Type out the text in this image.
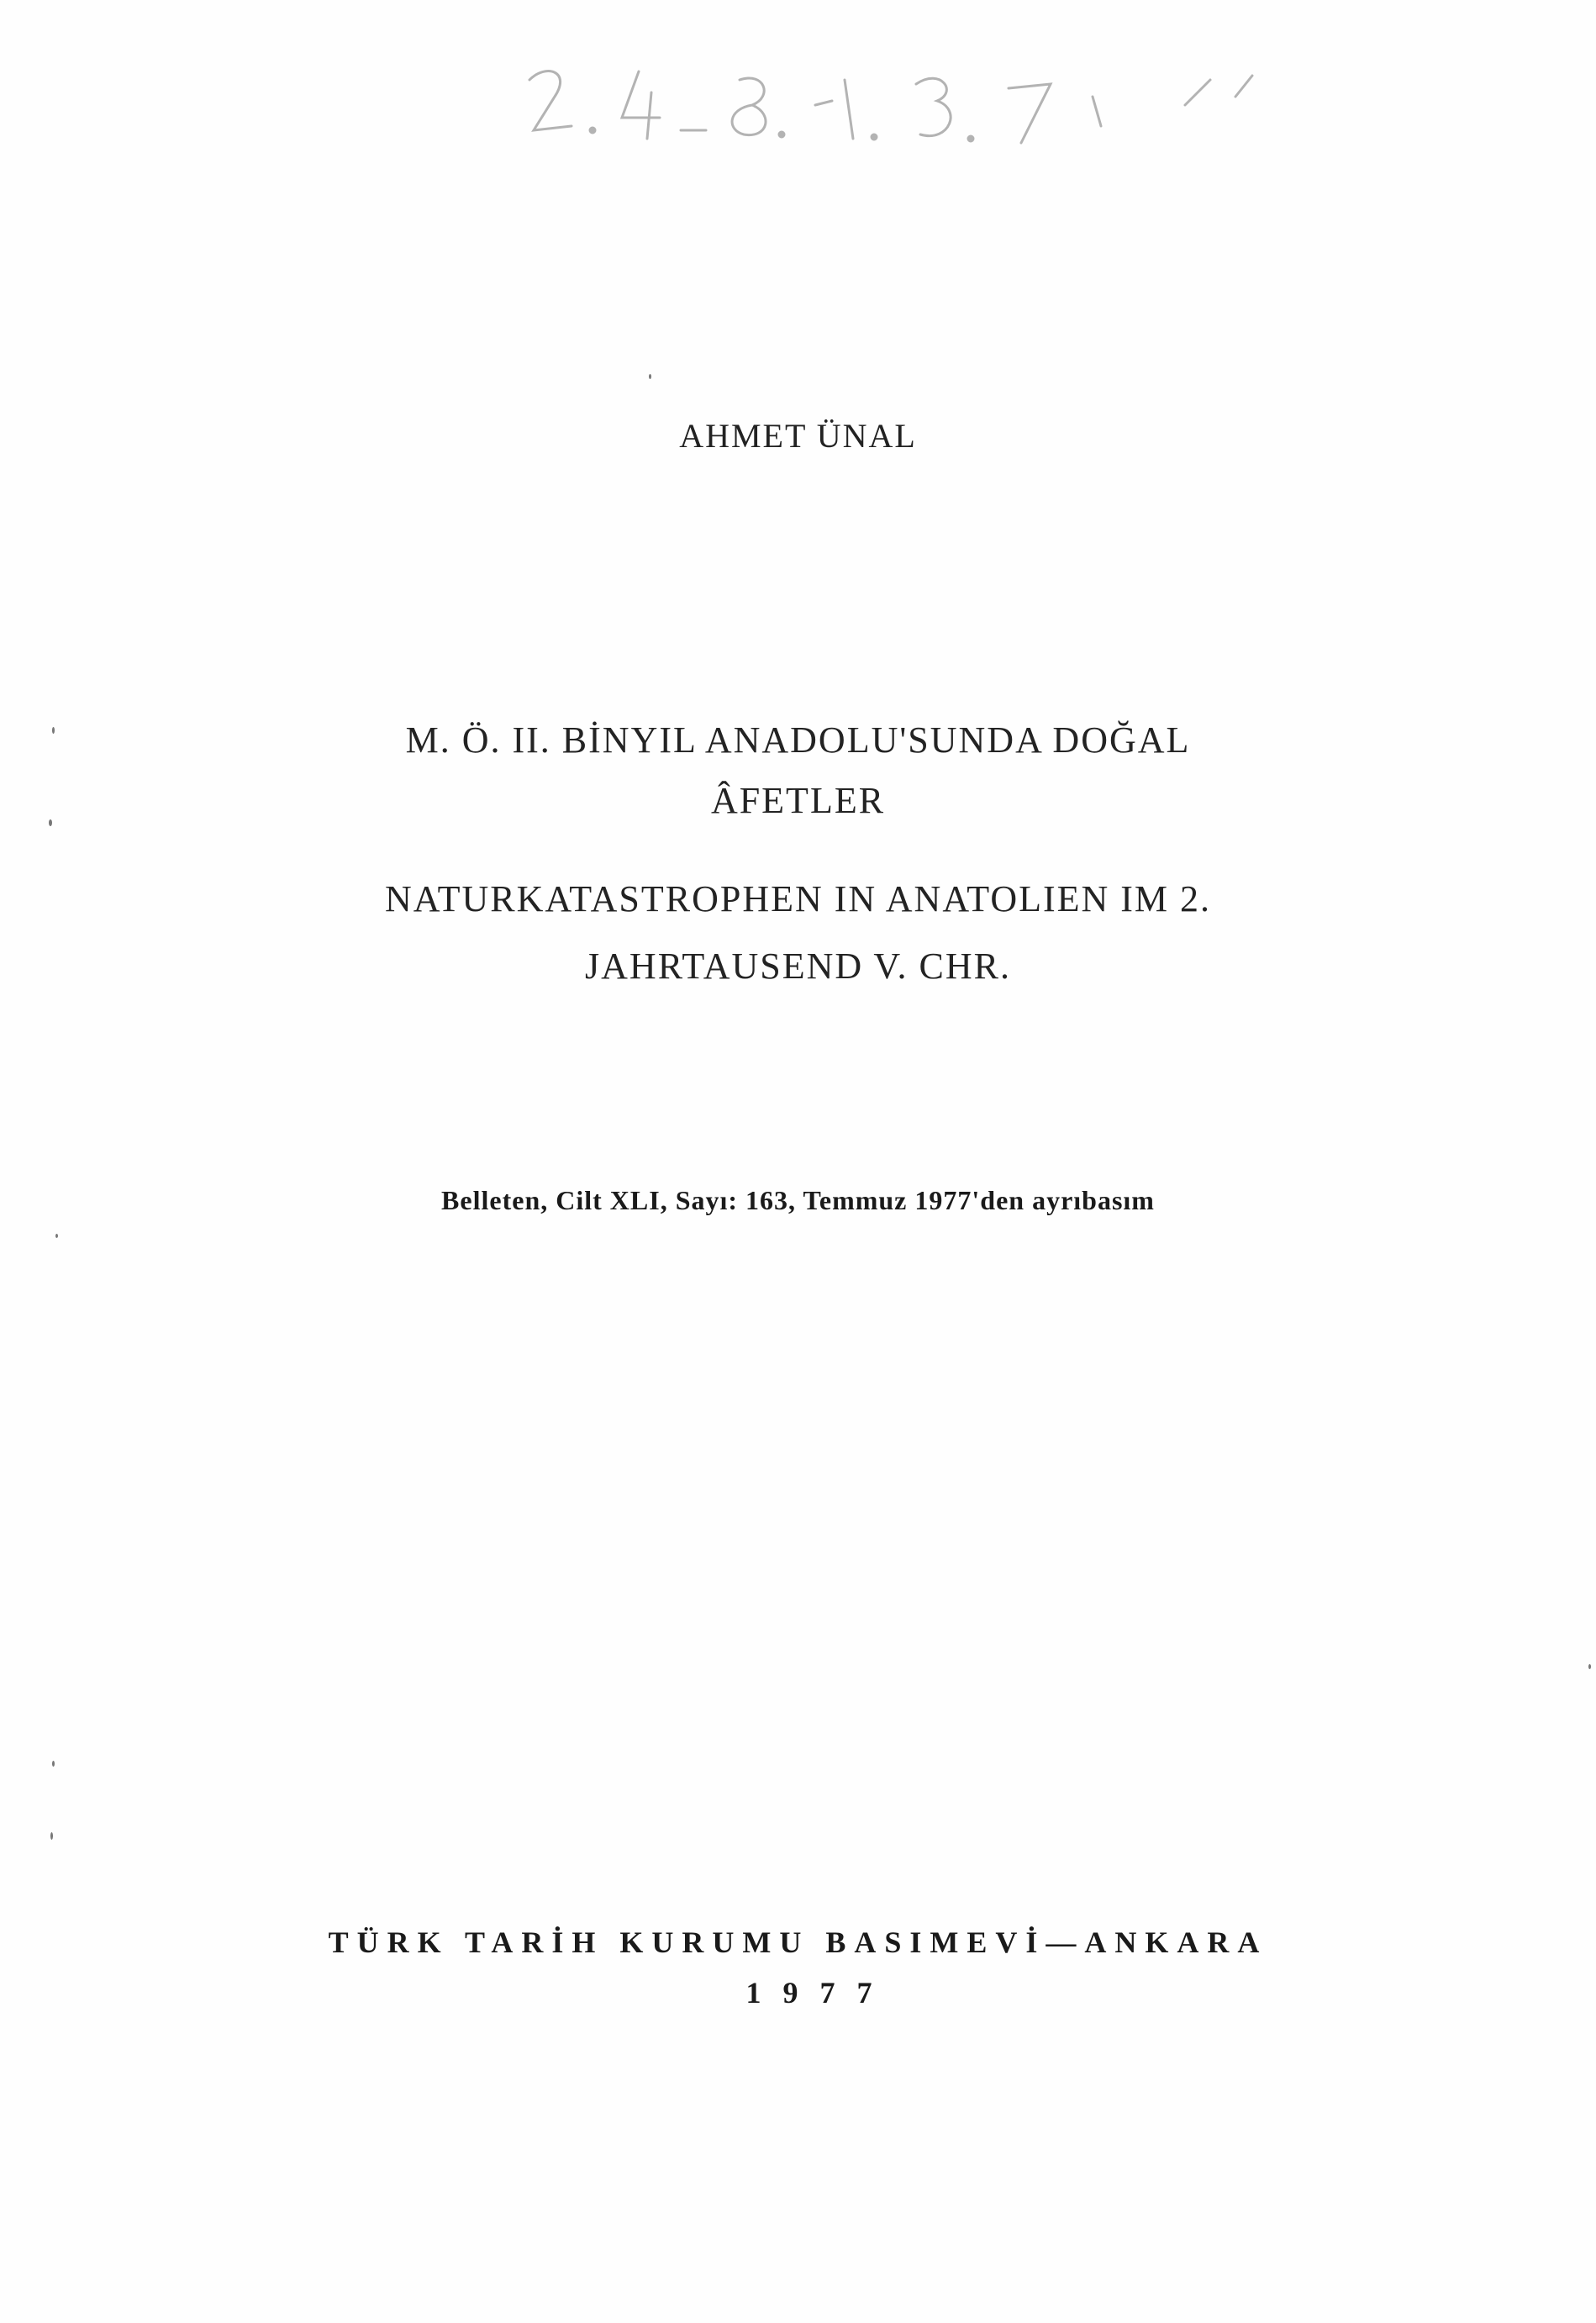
AHMET ÜNAL
M. Ö. II. BİNYIL ANADOLU'SUNDA DOĞAL
ÂFETLER
NATURKATASTROPHEN IN ANATOLIEN IM 2.
JAHRTAUSEND V. CHR.
Belleten, Cilt XLI, Sayı: 163, Temmuz 1977'den ayrıbasım
TÜRK TARİH KURUMU BASIMEVİ—ANKARA
1977
